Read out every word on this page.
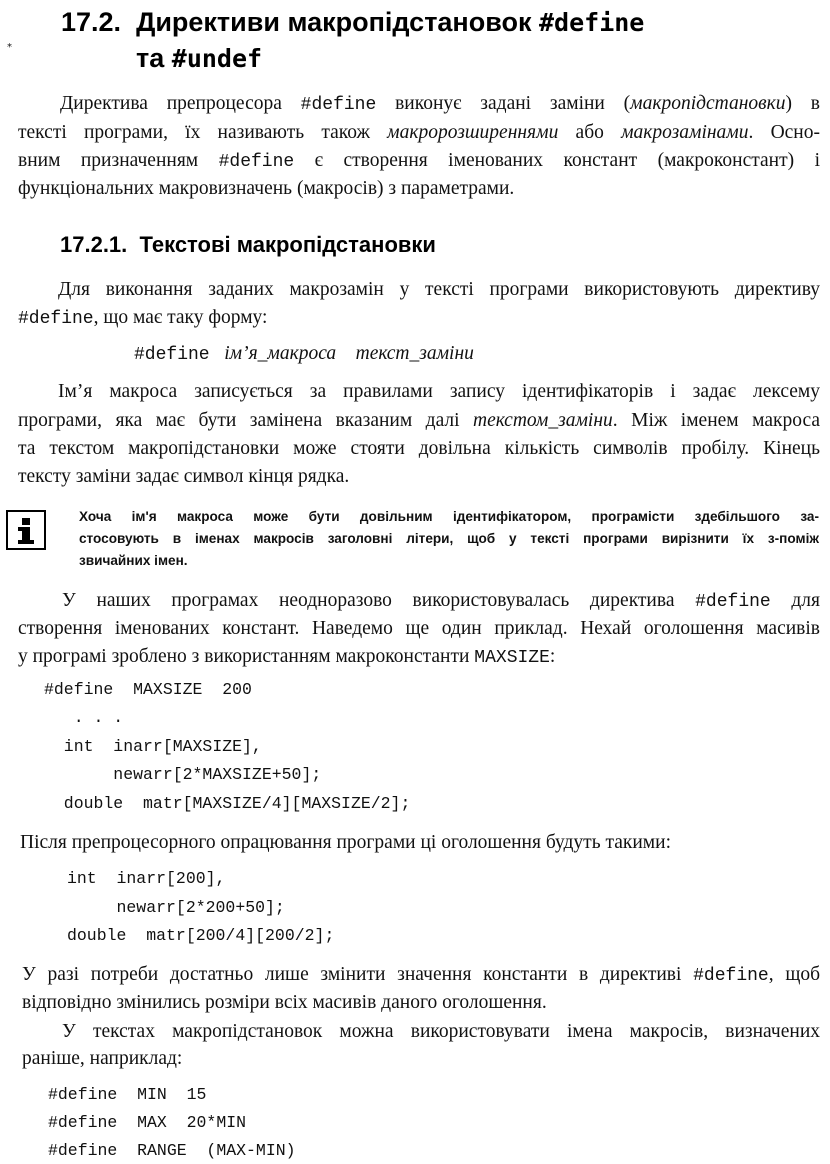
*
17.2. Директиви макропідстановок #define
та #undef
Директива препроцесора #define виконує задані заміни (макропідстановки) в
тексті програми, їх називають також макророзширеннями або макрозамінами. Осно-
вним призначенням #define є створення іменованих констант (макроконстант) і
функціональних макровизначень (макросів) з параметрами.
17.2.1. Текстові макропідстановки
Для виконання заданих макрозамін у тексті програми використовують директиву
#define, що має таку форму:
#define ім’я_макроса текст_заміни
Ім’я макроса записується за правилами запису ідентифікаторів і задає лексему
програми, яка має бути замінена вказаним далі текстом_заміни. Між іменем макроса
та текстом макропідстановки може стояти довільна кількість символів пробілу. Кінець
тексту заміни задає символ кінця рядка.
Хоча ім'я макроса може бути довільним ідентифікатором, програмісти здебільшого за-
стосовують в іменах макросів заголовні літери, щоб у тексті програми вирізнити їх з-поміж
звичайних імен.
У наших програмах неодноразово використовувалась директива #define для
створення іменованих констант. Наведемо ще один приклад. Нехай оголошення масивів
у програмі зроблено з використанням макроконстанти MAXSIZE:

#define  MAXSIZE  200

. . .

int  inarr[MAXSIZE],

newarr[2*MAXSIZE+50];

double  matr[MAXSIZE/4][MAXSIZE/2];

Після препроцесорного опрацювання програми ці оголошення будуть такими:

int  inarr[200],

newarr[2*200+50];

double  matr[200/4][200/2];

У разі потреби достатньо лише змінити значення константи в директиві #define, щоб
відповідно змінились розміри всіх масивів даного оголошення.
У текстах макропідстановок можна використовувати імена макросів, визначених
раніше, наприклад:

#define  MIN  15

#define  MAX  20*MIN

#define  RANGE  (MAX-MIN)
